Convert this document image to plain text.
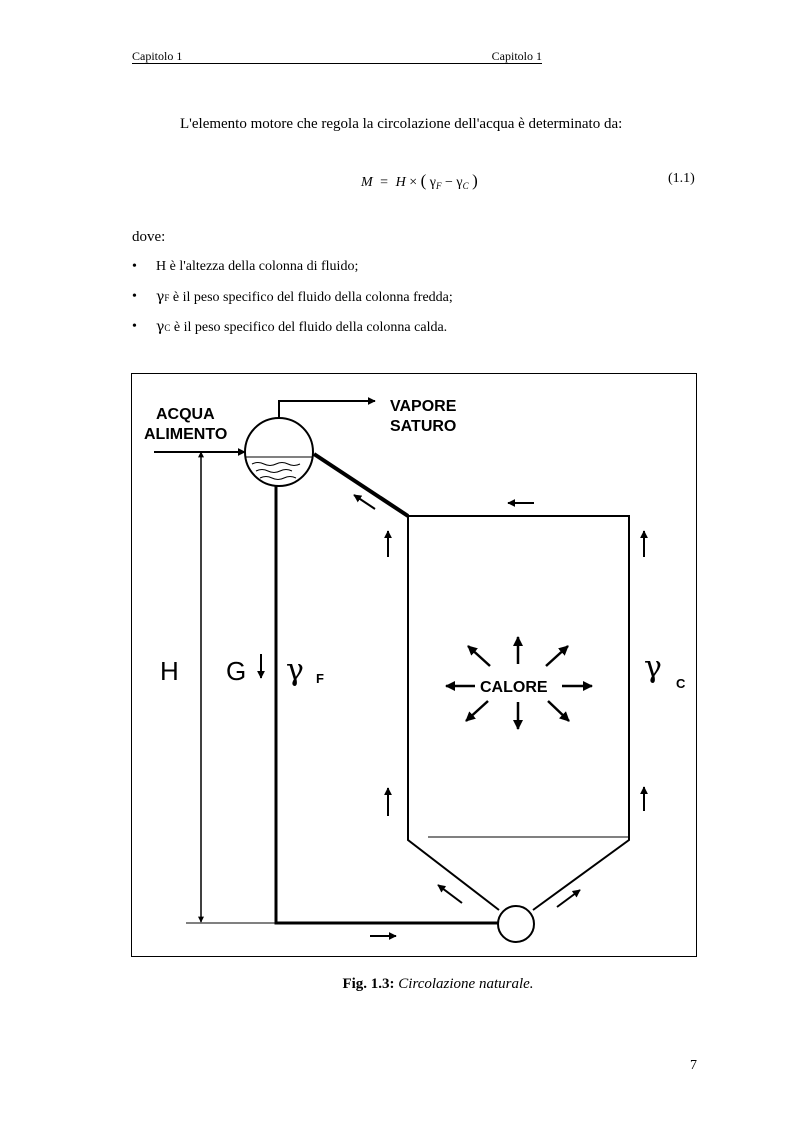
Capitolo 1	Capitolo 1
L'elemento motore che regola la circolazione dell'acqua è determinato da:
M = H × ( $\gamma_F - \gamma_C$ )	(1.1)
dove:
• H è l'altezza della colonna di fluido;
• γF è il peso specifico del fluido della colonna fredda;
• γC è il peso specifico del fluido della colonna calda.
ACQUA
ALIMENTO
VAPORE
SATURO
H G γ F	γ C
CALORE
Fig. 1.3: Circolazione naturale.
7
